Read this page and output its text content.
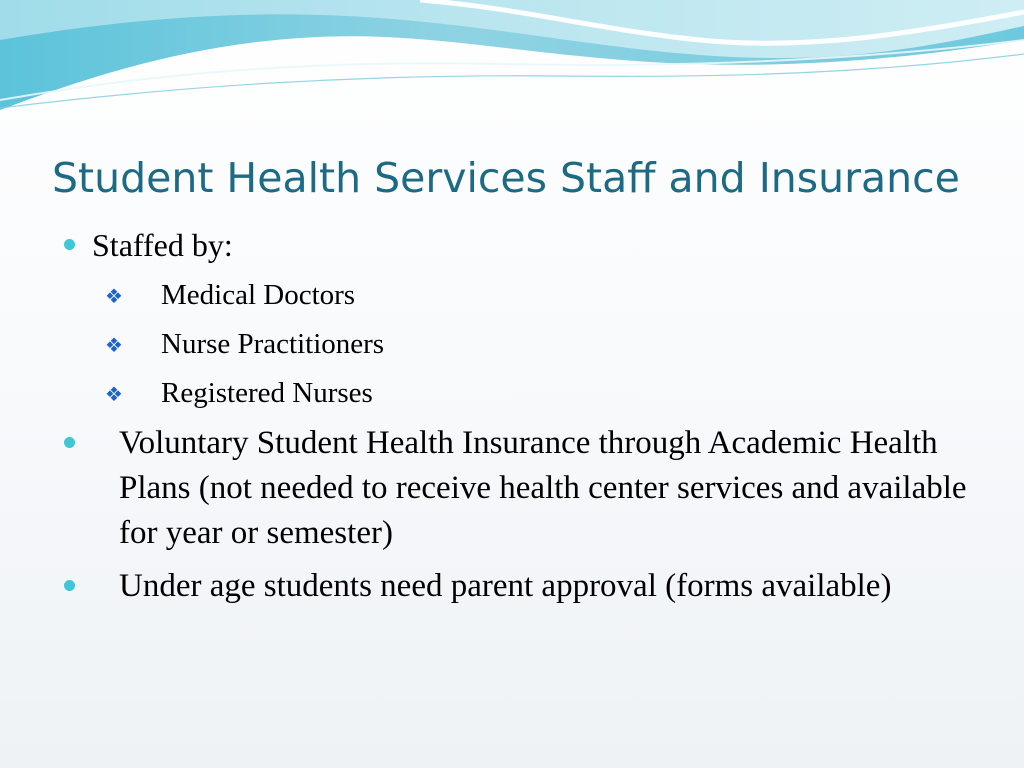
Student Health Services Staff and Insurance

Staffed by:

❖ Medical Doctors

❖ Nurse Practitioners

❖ Registered Nurses

Voluntary Student Health Insurance through Academic Health Plans (not needed to receive health center services and available for year or semester)

Under age students need parent approval (forms available)
